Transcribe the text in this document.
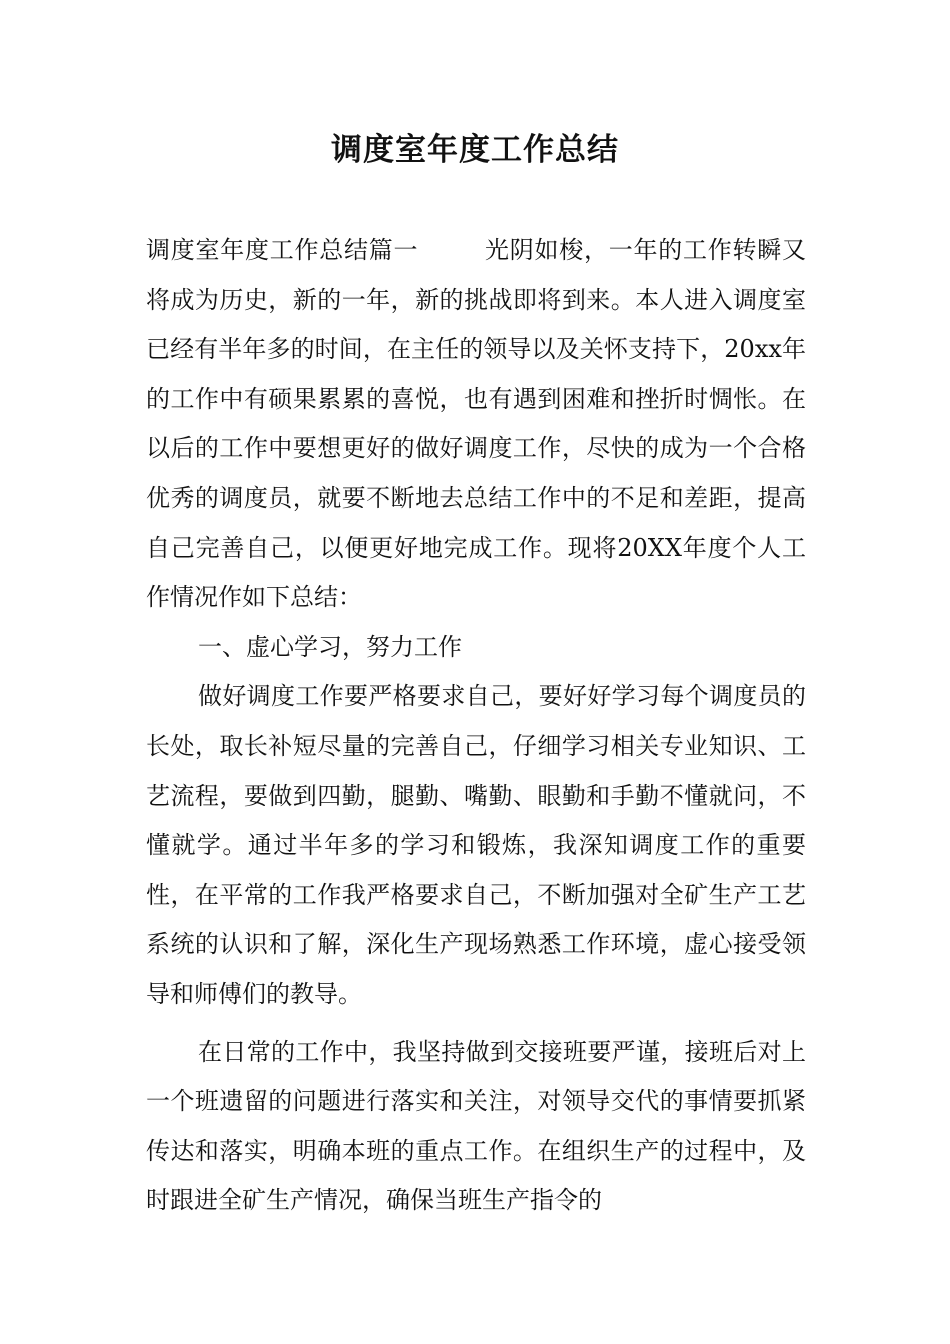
调度室年度工作总结

调度室年度工作总结篇一	光阴如梭，一年的工作转瞬又将成为历史，新的一年，新的挑战即将到来。本人进入调度室已经有半年多的时间，在主任的领导以及关怀支持下，20xx年的工作中有硕果累累的喜悦，也有遇到困难和挫折时惆怅。在以后的工作中要想更好的做好调度工作，尽快的成为一个合格优秀的调度员，就要不断地去总结工作中的不足和差距，提高自己完善自己，以便更好地完成工作。现将20XX年度个人工作情况作如下总结：

一、虚心学习，努力工作

做好调度工作要严格要求自己，要好好学习每个调度员的长处，取长补短尽量的完善自己，仔细学习相关专业知识、工艺流程，要做到四勤，腿勤、嘴勤、眼勤和手勤不懂就问，不懂就学。通过半年多的学习和锻炼，我深知调度工作的重要性，在平常的工作我严格要求自己，不断加强对全矿生产工艺系统的认识和了解，深化生产现场熟悉工作环境，虚心接受领导和师傅们的教导。

在日常的工作中，我坚持做到交接班要严谨，接班后对上一个班遗留的问题进行落实和关注，对领导交代的事情要抓紧传达和落实，明确本班的重点工作。在组织生产的过程中，及时跟进全矿生产情况，确保当班生产指令的
